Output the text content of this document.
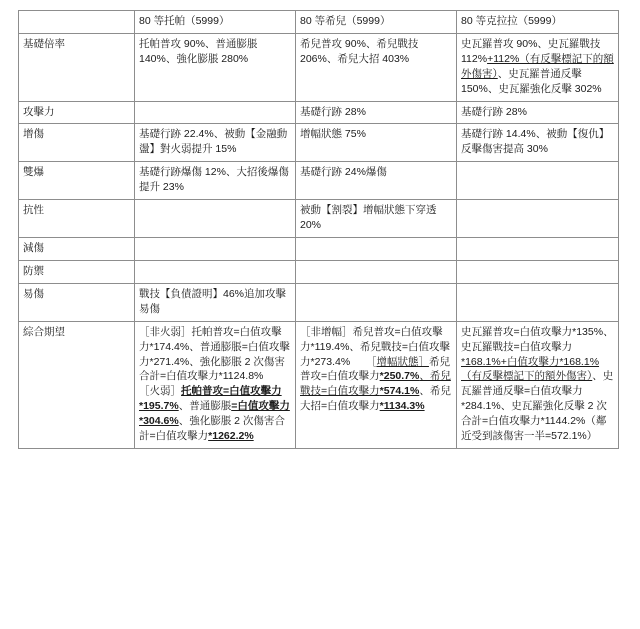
	80 等托帕（5999）	80 等希兒（5999）	80 等克拉拉（5999）
基礎倍率	托帕普攻 90%、普通膨脹 140%、強化膨脹 280%	希兒普攻 90%、希兒戰技 206%、希兒大招 403%	史瓦羅普攻 90%、史瓦羅戰技 112%+112%（有反擊標記下的額外傷害）、史瓦羅普通反擊 150%、史瓦羅強化反擊 302%
攻擊力		基礎行跡 28%	基礎行跡 28%
增傷	基礎行跡 22.4%、被動【金融動盪】對火弱提升 15%	增幅狀態 75%	基礎行跡 14.4%、被動【復仇】反擊傷害提高 30%
雙爆	基礎行跡爆傷 12%、大招後爆傷提升 23%	基礎行跡 24%爆傷	
抗性		被動【割裂】增幅狀態下穿透 20%	
減傷			
防禦			
易傷	戰技【負債證明】46%追加攻擊易傷		
綜合期望	［非火弱］托帕普攻=白值攻擊力*174.4%、普通膨脹=白值攻擊力*271.4%、強化膨脹 2 次傷害合計=白值攻擊力*1124.8%　　　［火弱］托帕普攻=白值攻擊力*195.7%、普通膨脹=白值攻擊力*304.6%、強化膨脹 2 次傷害合計=白值攻擊力*1262.2%	［非增幅］希兒普攻=白值攻擊力*119.4%、希兒戰技=白值攻擊力*273.4%　　［增幅狀態］希兒普攻=白值攻擊力*250.7%、希兒戰技=白值攻擊力*574.1%、希兒大招=白值攻擊力*1134.3%	史瓦羅普攻=白值攻擊力*135%、史瓦羅戰技=白值攻擊力*168.1%+白值攻擊力*168.1%（有反擊標記下的額外傷害）、史瓦羅普通反擊=白值攻擊力*284.1%、史瓦羅強化反擊 2 次合計=白值攻擊力*1144.2%（鄰近受到該傷害一半=572.1%）
